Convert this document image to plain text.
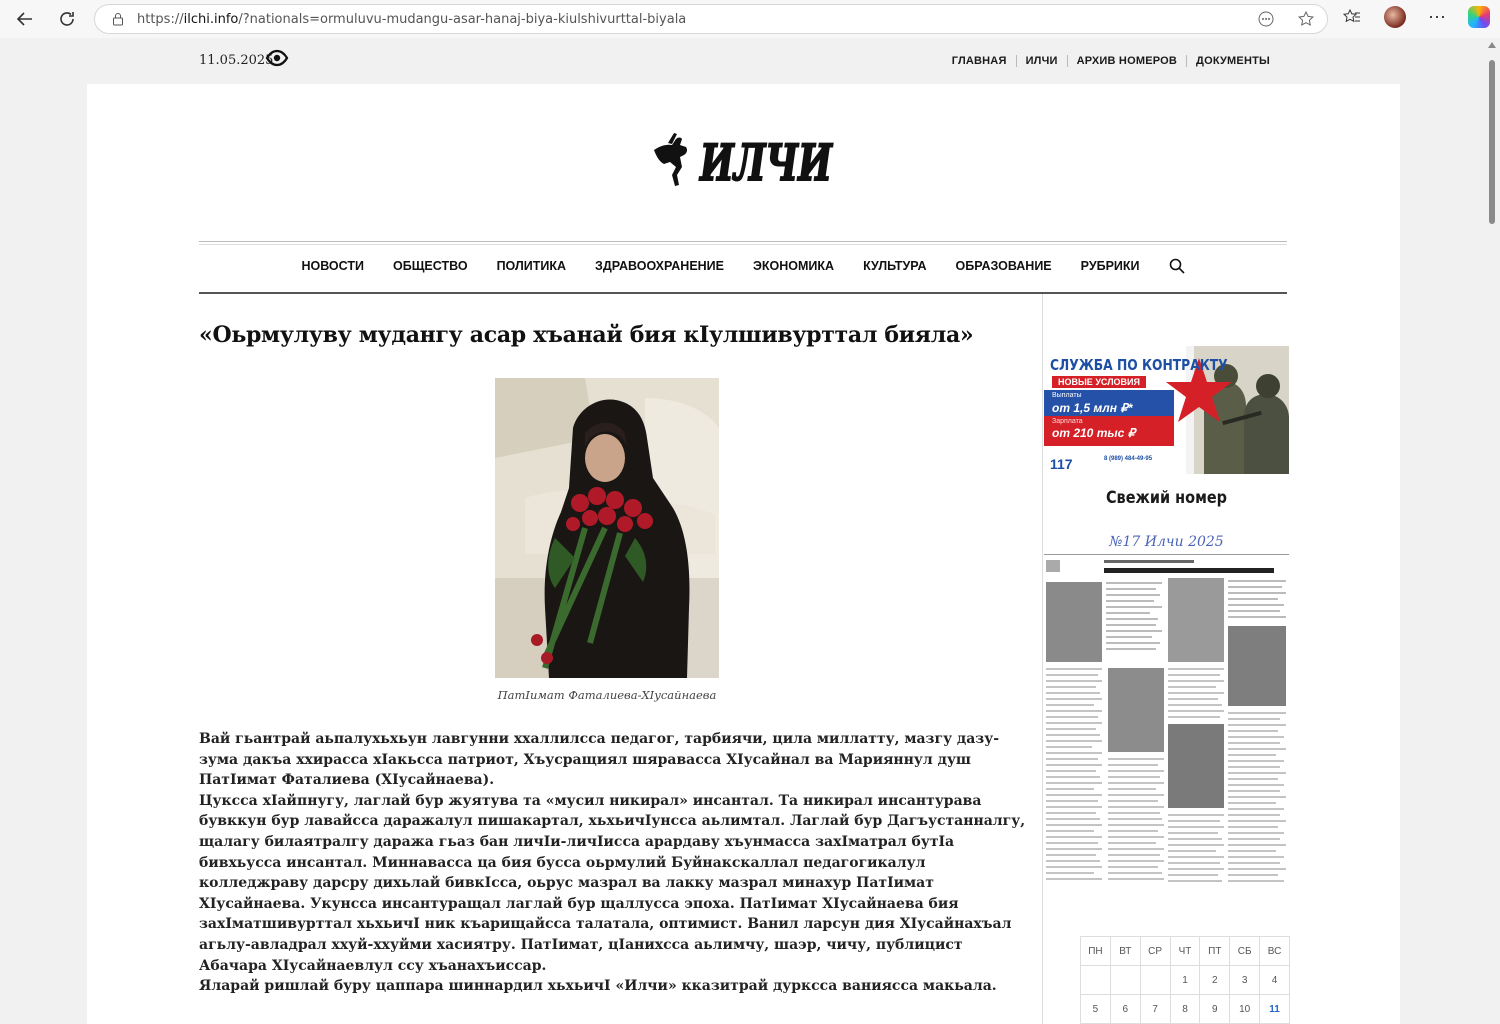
https://ilchi.info/?nationals=ormuluvu-mudangu-asar-hanaj-biya-kiulshivurttal-biyala	⋯
11.05.2025	ГЛАВНАЯ	ИЛЧИ	АРХИВ НОМЕРОВ	ДОКУМЕНТЫ
ИЛЧИ
НОВОСТИ ОБЩЕСТВО ПОЛИТИКА ЗДРАВООХРАНЕНИЕ ЭКОНОМИКА КУЛЬТУРА ОБРАЗОВАНИЕ РУБРИКИ
«Оьрмулуву мудангу асар хъанай бия кIулшивурттал бияла»
ПатIимат Фаталиева-ХIусайнаева

Вай гьантрай аьпалухьхьун лавгунни ххаллилсса педагог, тарбиячи, цила миллатту, мазгу дазу-зума дакъа ххирасса хIакьсса патриот, Хъусращиял шяравасса ХIусайнал ва Марияннул душ ПатIимат Фаталиева (ХIусайнаева).

Цуксса хIайпнугу, лаглай бур жуятува та «мусил никирал» инсантал. Та никирал инсантурава бувккун бур лавайсса даражалул пишакартал, хьхьичIунсса аьлимтал. Лаглай бур Дагъустанналгу, щалагу билаятралгу даража гьаз бан личIи-личIисса арардаву хъунмасса захIматрал бутIа бивхьусса инсантал. Миннавасса ца бия бусса оьрмулий Буйнакскаллал педагогикалул колледжраву дарсру дихьлай бивкIсса, оьрус мазрал ва лакку мазрал минахур ПатIимат ХIусайнаева. Укунсса инсантуращал лаглай бур щаллусса эпоха. ПатIимат ХIусайнаева бия захIматшивурттал хьхьичI ник къарищайсса талатала, оптимист. Ванил ларсун дия ХIусайнахъал агьлу-авладрал ххуй-ххуйми хасиятру. ПатIимат, цIанихсса аьлимчу, шаэр, чичу, публицист Абачара ХIусайнаевлул ссу хъанахъиссар.

Яларай ришлай буру цаппара шиннардил хьхьичI «Илчи» кказитрай дурксса ваниясса макьала.

СЛУЖБА ПО КОНТРАКТУ
НОВЫЕ УСЛОВИЯ
Выплаты
от 1,5 млн ₽*
Зарплата
от 210 тыс ₽
117	8 (989) 484-49-95
Свежий номер
№17 Илчи 2025
ПН	ВТ	СР	ЧТ	ПТ	СБ	ВС
			1	2	3	4
5	6	7	8	9	10	11
